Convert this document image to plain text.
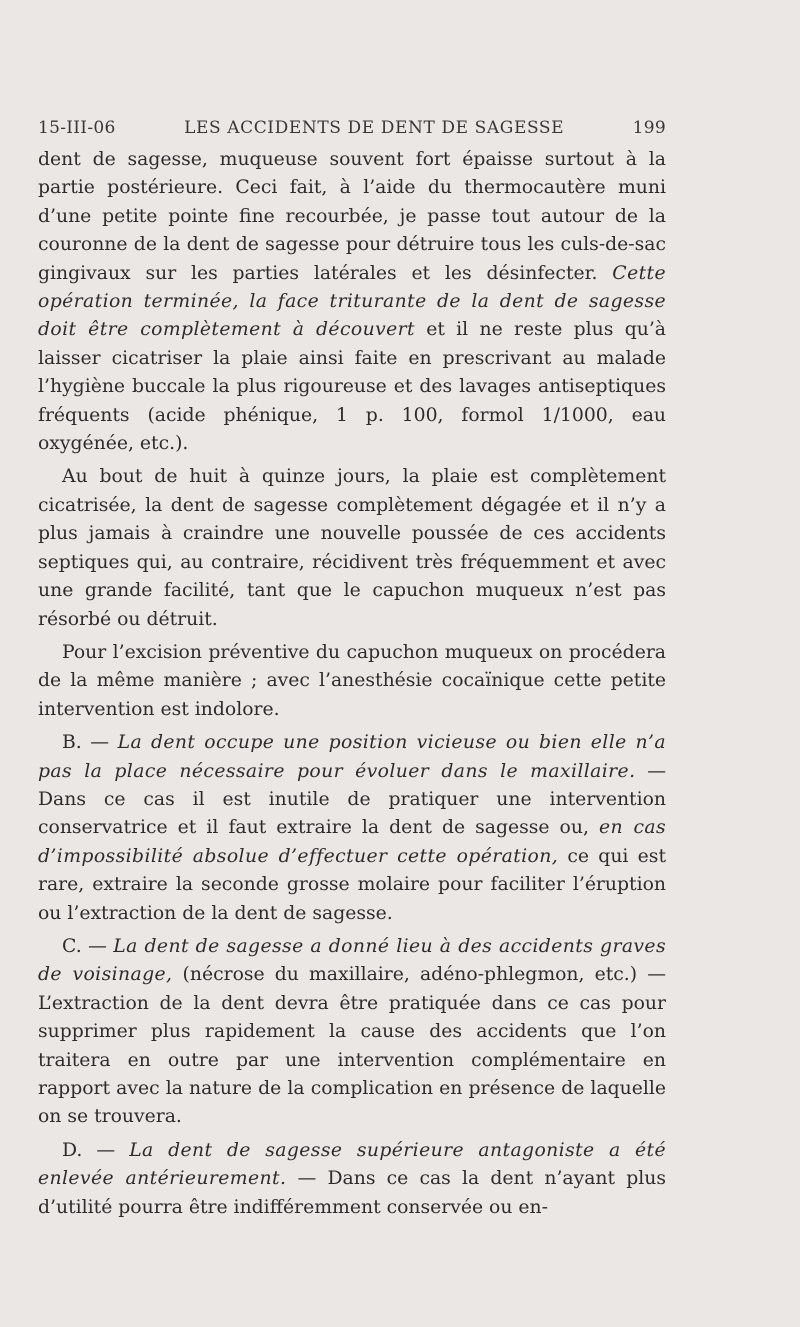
15-III-06	LES ACCIDENTS DE DENT DE SAGESSE	199

dent de sagesse, muqueuse souvent fort épaisse surtout à la partie postérieure. Ceci fait, à l’aide du thermocautère muni d’une petite pointe fine recourbée, je passe tout autour de la couronne de la dent de sagesse pour détruire tous les culs-de-sac gingivaux sur les parties latérales et les désinfecter. Cette opération terminée, la face triturante de la dent de sagesse doit être complètement à découvert et il ne reste plus qu’à laisser cicatriser la plaie ainsi faite en prescrivant au malade l’hygiène buccale la plus rigoureuse et des lavages antiseptiques fréquents (acide phénique, 1 p. 100, formol 1/1000, eau oxygénée, etc.).

Au bout de huit à quinze jours, la plaie est complètement cicatrisée, la dent de sagesse complètement dégagée et il n’y a plus jamais à craindre une nouvelle poussée de ces accidents septiques qui, au contraire, récidivent très fréquemment et avec une grande facilité, tant que le capuchon muqueux n’est pas résorbé ou détruit.

Pour l’excision préventive du capuchon muqueux on procédera de la même manière ; avec l’anesthésie cocaïnique cette petite intervention est indolore.

B. — La dent occupe une position vicieuse ou bien elle n’a pas la place nécessaire pour évoluer dans le maxillaire. — Dans ce cas il est inutile de pratiquer une intervention conservatrice et il faut extraire la dent de sagesse ou, en cas d’impossibilité absolue d’effectuer cette opération, ce qui est rare, extraire la seconde grosse molaire pour faciliter l’éruption ou l’extraction de la dent de sagesse.

C. — La dent de sagesse a donné lieu à des accidents graves de voisinage, (nécrose du maxillaire, adéno-phlegmon, etc.) — L’extraction de la dent devra être pratiquée dans ce cas pour supprimer plus rapidement la cause des accidents que l’on traitera en outre par une intervention complémentaire en rapport avec la nature de la complication en présence de laquelle on se trouvera.

D. — La dent de sagesse supérieure antagoniste a été enlevée antérieurement. — Dans ce cas la dent n’ayant plus d’utilité pourra être indifféremment conservée ou en-
